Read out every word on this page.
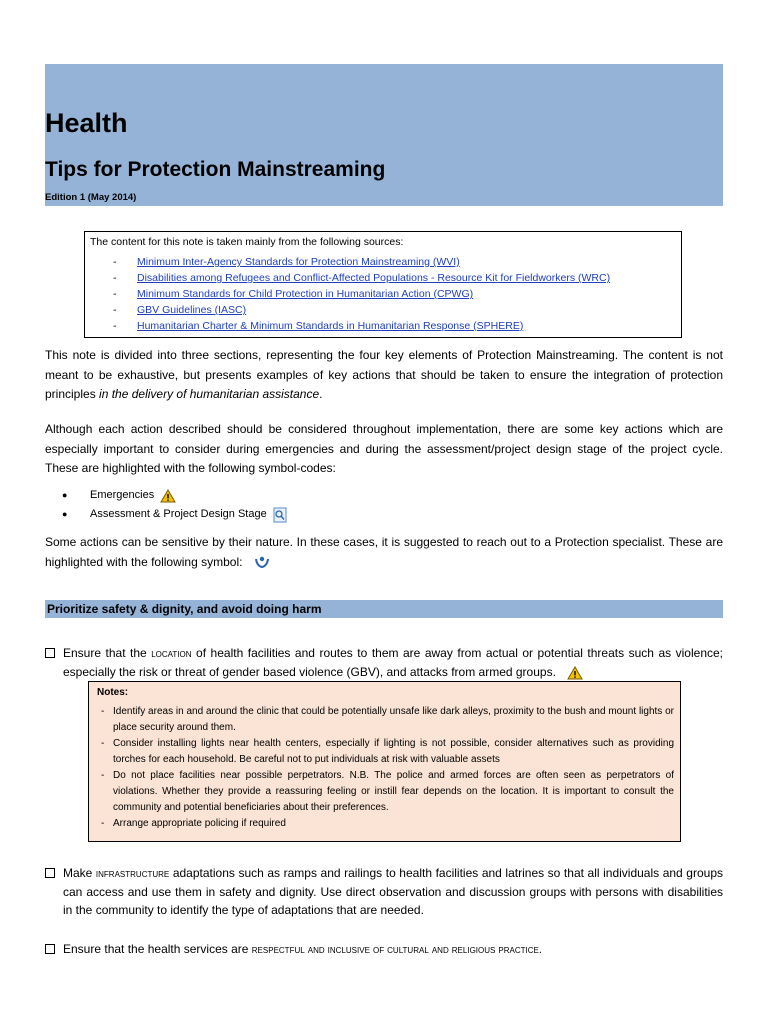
Health
Tips for Protection Mainstreaming
Edition 1 (May 2014)
The content for this note is taken mainly from the following sources:
- Minimum Inter-Agency Standards for Protection Mainstreaming (WVI)
- Disabilities among Refugees and Conflict-Affected Populations - Resource Kit for Fieldworkers (WRC)
- Minimum Standards for Child Protection in Humanitarian Action (CPWG)
- GBV Guidelines (IASC)
- Humanitarian Charter & Minimum Standards in Humanitarian Response (SPHERE)
This note is divided into three sections, representing the four key elements of Protection Mainstreaming. The content is not meant to be exhaustive, but presents examples of key actions that should be taken to ensure the integration of protection principles in the delivery of humanitarian assistance.
Although each action described should be considered throughout implementation, there are some key actions which are especially important to consider during emergencies and during the assessment/project design stage of the project cycle. These are highlighted with the following symbol-codes:
●	Emergencies
●	Assessment & Project Design Stage
Some actions can be sensitive by their nature. In these cases, it is suggested to reach out to a Protection specialist. These are highlighted with the following symbol:
Prioritize safety & dignity, and avoid doing harm
Ensure that the location of health facilities and routes to them are away from actual or potential threats such as violence; especially the risk or threat of gender based violence (GBV), and attacks from armed groups.
Notes:
- Identify areas in and around the clinic that could be potentially unsafe like dark alleys, proximity to the bush and mount lights or place security around them.
- Consider installing lights near health centers, especially if lighting is not possible, consider alternatives such as providing torches for each household. Be careful not to put individuals at risk with valuable assets
- Do not place facilities near possible perpetrators. N.B. The police and armed forces are often seen as perpetrators of violations. Whether they provide a reassuring feeling or instill fear depends on the location. It is important to consult the community and potential beneficiaries about their preferences.
- Arrange appropriate policing if required
Make infrastructure adaptations such as ramps and railings to health facilities and latrines so that all individuals and groups can access and use them in safety and dignity. Use direct observation and discussion groups with persons with disabilities in the community to identify the type of adaptations that are needed.
Ensure that the health services are respectful and inclusive of cultural and religious practice.
